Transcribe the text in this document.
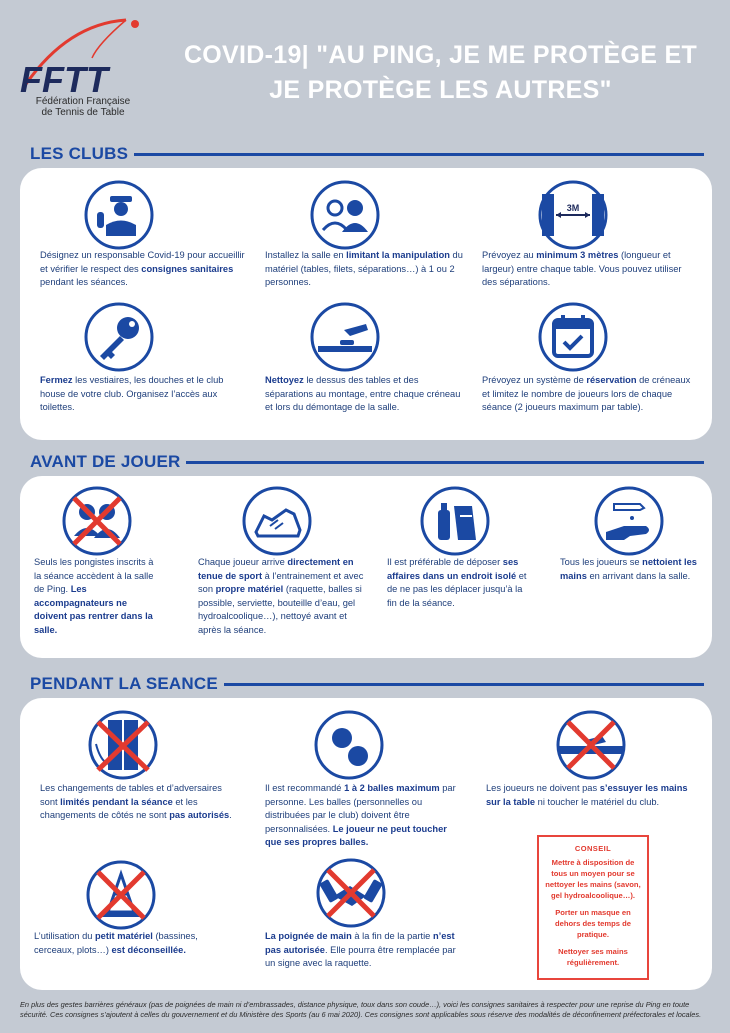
FFTT
Fédération Française
de Tennis de Table
COVID-19| "AU PING, JE ME PROTÈGE ET
JE PROTÈGE LES AUTRES"
LES CLUBS
3M
Désignez un responsable Covid-19 pour accueillir et vérifier le respect des consignes sanitaires pendant les séances.
Installez la salle en limitant la manipulation du matériel (tables, filets, séparations…) à 1 ou 2 personnes.
Prévoyez au minimum 3 mètres (longueur et largeur) entre chaque table. Vous pouvez utiliser des séparations.
Fermez les vestiaires, les douches et le club house de votre club. Organisez l’accès aux toilettes.
Nettoyez le dessus des tables et des séparations au montage, entre chaque créneau et lors du démontage de la salle.
Prévoyez un système de réservation de créneaux et limitez le nombre de joueurs lors de chaque séance (2 joueurs maximum par table).
AVANT DE JOUER
Seuls les pongistes inscrits à la séance accèdent à la salle de Ping. Les accompagnateurs ne doivent pas rentrer dans la salle.
Chaque joueur arrive directement en tenue de sport à l’entrainement et avec son propre matériel (raquette, balles si possible, serviette, bouteille d’eau, gel hydroalcoolique…), nettoyé avant et après la séance.
Il est préférable de déposer ses affaires dans un endroit isolé et de ne pas les déplacer jusqu’à la fin de la séance.
Tous les joueurs se nettoient les mains en arrivant dans la salle.
PENDANT LA SEANCE
Les changements de tables et d’adversaires sont limités pendant la séance et les changements de côtés ne sont pas autorisés.
Il est recommandé 1 à 2 balles maximum par personne. Les balles (personnelles ou distribuées par le club) doivent être personnalisées. Le joueur ne peut toucher que ses propres balles.
Les joueurs ne doivent pas s’essuyer les mains sur la table ni toucher le matériel du club.
L’utilisation du petit matériel (bassines, cerceaux, plots…) est déconseillée.
La poignée de main à la fin de la partie n’est pas autorisée. Elle pourra être remplacée par un signe avec la raquette.
CONSEIL

Mettre à disposition de tous un moyen pour se nettoyer les mains (savon, gel hydroalcoolique…).

Porter un masque en dehors des temps de pratique.

Nettoyer ses mains régulièrement.

En plus des gestes barrières généraux (pas de poignées de main ni d’embrassades, distance physique, toux dans son coude…), voici les consignes sanitaires à respecter pour une reprise du Ping en toute sécurité. Ces consignes s’ajoutent à celles du gouvernement et du Ministère des Sports (au 6 mai 2020). Ces consignes sont applicables sous réserve des modalités de déconfinement préfectorales et locales.
